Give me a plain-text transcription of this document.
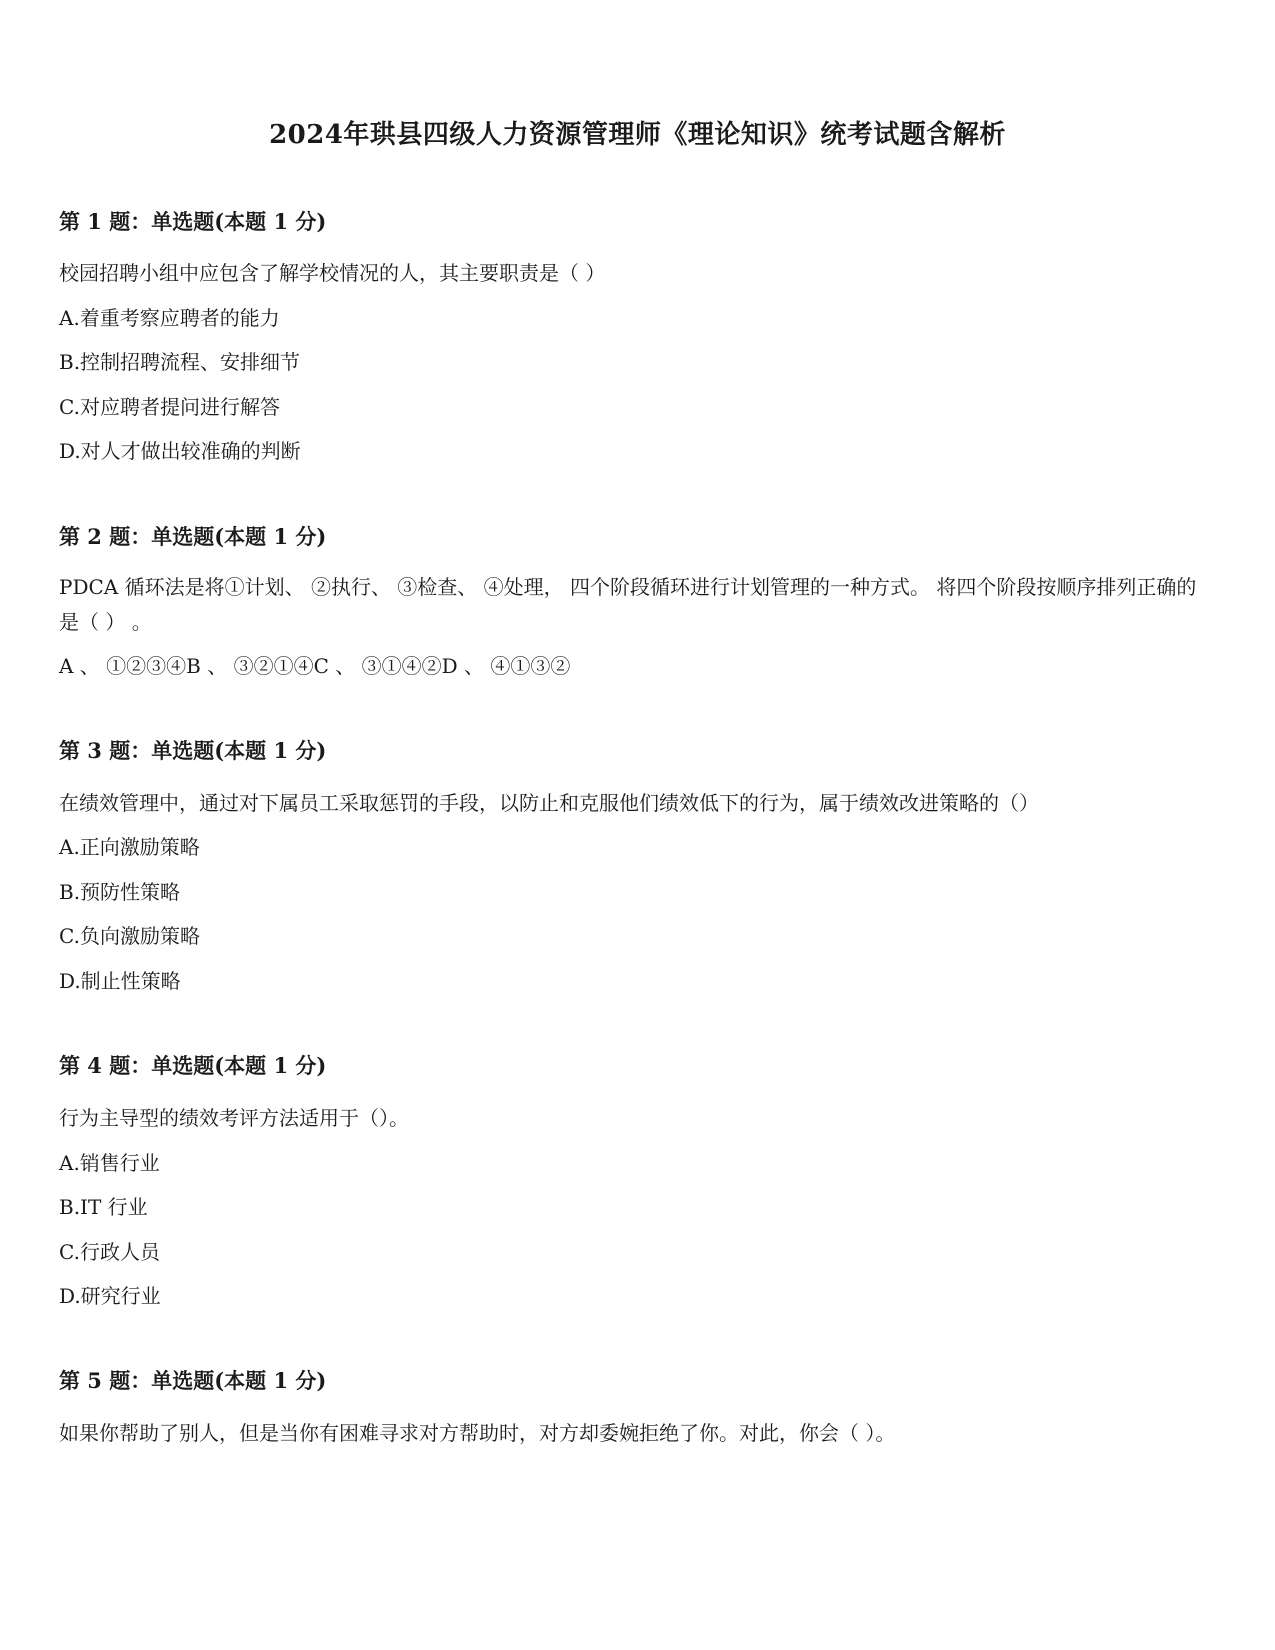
2024年珙县四级人力资源管理师《理论知识》统考试题含解析
第 1 题：单选题(本题 1 分)
校园招聘小组中应包含了解学校情况的人，其主要职责是（ ）
A.着重考察应聘者的能力
B.控制招聘流程、安排细节
C.对应聘者提问进行解答
D.对人才做出较准确的判断
第 2 题：单选题(本题 1 分)
PDCA 循环法是将①计划、 ②执行、 ③检查、 ④处理， 四个阶段循环进行计划管理的一种方式。 将四个阶段按顺序排列正确的是（ ） 。
A 、 ①②③④B 、 ③②①④C 、 ③①④②D 、 ④①③②
第 3 题：单选题(本题 1 分)
在绩效管理中，通过对下属员工采取惩罚的手段，以防止和克服他们绩效低下的行为，属于绩效改进策略的（）
A.正向激励策略
B.预防性策略
C.负向激励策略
D.制止性策略
第 4 题：单选题(本题 1 分)
行为主导型的绩效考评方法适用于（）。
A.销售行业
B.IT 行业
C.行政人员
D.研究行业
第 5 题：单选题(本题 1 分)
如果你帮助了别人，但是当你有困难寻求对方帮助时，对方却委婉拒绝了你。对此，你会（ ）。
